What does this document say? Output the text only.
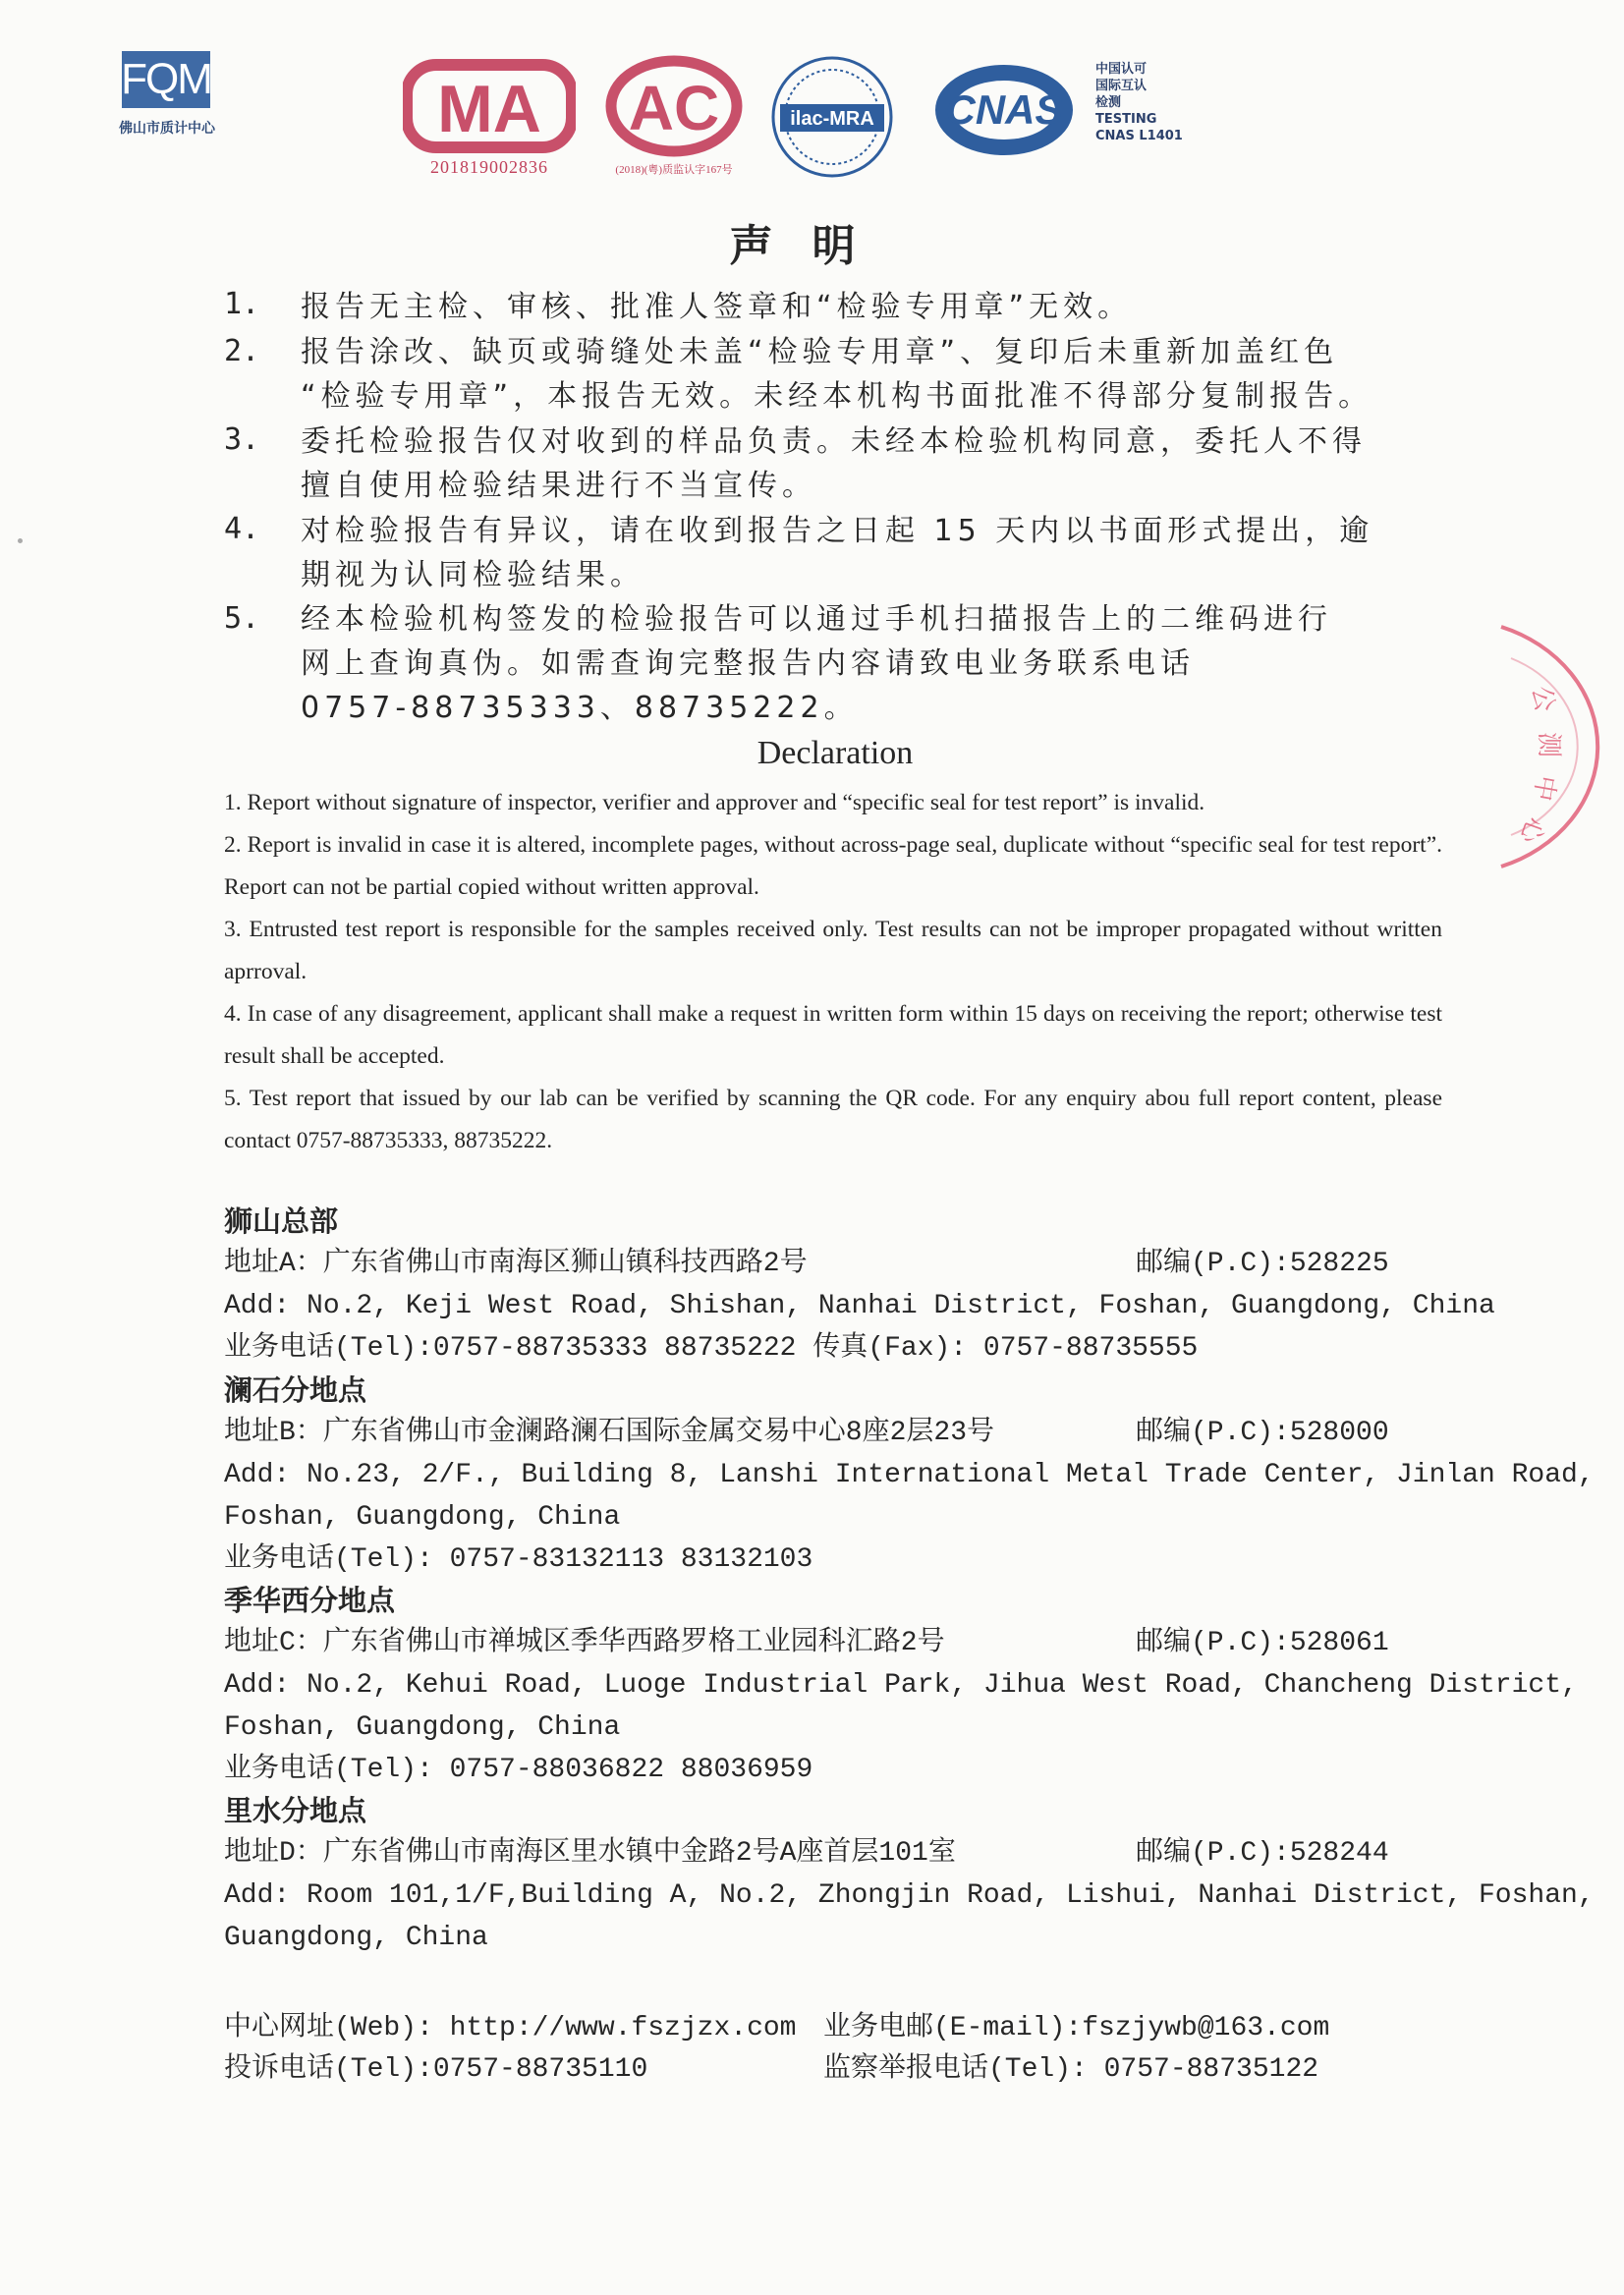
FQM
佛山市质计中心	MA
201819002836
AC
(2018)(粤)质监认字167号
ilac-MRA CNAS
中国认可
国际互认
检测
TESTING
CNAS L1401
声明
1. 报告无主检、审核、批准人签章和“检验专用章”无效。
2. 报告涂改、缺页或骑缝处未盖“检验专用章”、复印后未重新加盖红色
“检验专用章”，本报告无效。未经本机构书面批准不得部分复制报告。
3. 委托检验报告仅对收到的样品负责。未经本检验机构同意，委托人不得
擅自使用检验结果进行不当宣传。
4. 对检验报告有异议，请在收到报告之日起 15 天内以书面形式提出，逾
期视为认同检验结果。
5. 经本检验机构签发的检验报告可以通过手机扫描报告上的二维码进行
网上查询真伪。如需查询完整报告内容请致电业务联系电话
0757-88735333、88735222。
Declaration

1. Report without signature of inspector, verifier and approver and “specific seal for test report” is invalid.

2. Report is invalid in case it is altered, incomplete pages, without across-page seal, duplicate without “specific seal for test report”. Report can not be partial copied without written approval.

3. Entrusted test report is responsible for the samples received only. Test results can not be improper propagated without written aprroval.

4. In case of any disagreement, applicant shall make a request in written form within 15 days on receiving the report; otherwise test result shall be accepted.

5. Test report that issued by our lab can be verified by scanning the QR code. For any enquiry abou full report content, please contact 0757-88735333, 88735222.

狮山总部
地址A：广东省佛山市南海区狮山镇科技西路2号	邮编(P.C):528225
Add: No.2, Keji West Road, Shishan, Nanhai District, Foshan, Guangdong, China
业务电话(Tel):0757-88735333 88735222 传真(Fax): 0757-88735555
澜石分地点
地址B：广东省佛山市金澜路澜石国际金属交易中心8座2层23号	邮编(P.C):528000
Add: No.23, 2/F., Building 8, Lanshi International Metal Trade Center, Jinlan Road,
Foshan, Guangdong, China
业务电话(Tel): 0757-83132113 83132103
季华西分地点
地址C：广东省佛山市禅城区季华西路罗格工业园科汇路2号	邮编(P.C):528061
Add: No.2, Kehui Road, Luoge Industrial Park, Jihua West Road, Chancheng District,
Foshan, Guangdong, China
业务电话(Tel): 0757-88036822 88036959
里水分地点
地址D：广东省佛山市南海区里水镇中金路2号A座首层101室	邮编(P.C):528244
Add: Room 101,1/F,Building A, No.2, Zhongjin Road, Lishui, Nanhai District, Foshan,
Guangdong, China
中心网址(Web): http://www.fszjzx.com 业务电邮(E-mail):fszjywb@163.com
投诉电话(Tel):0757-88735110	监察举报电话(Tel): 0757-88735122
公
测
中
心
